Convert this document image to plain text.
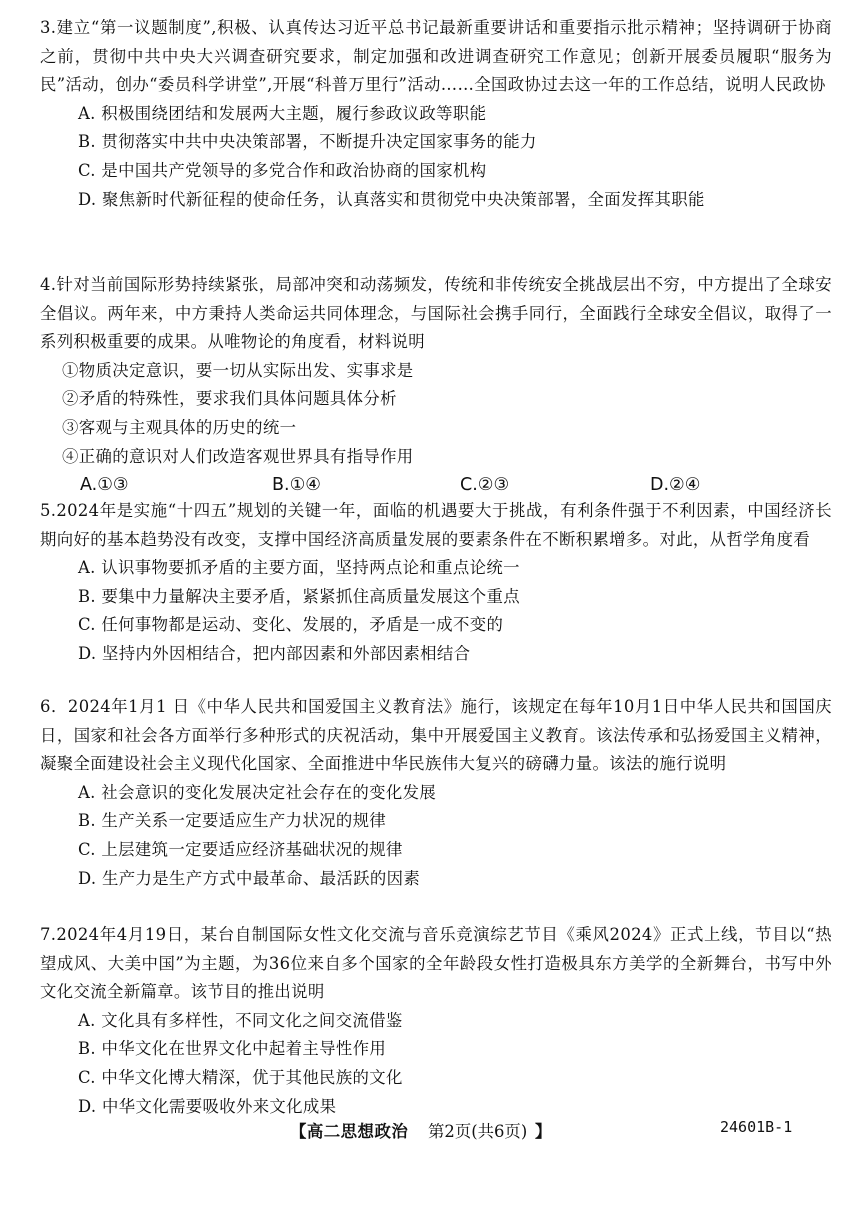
3.建立“第一议题制度”,积极、认真传达习近平总书记最新重要讲话和重要指示批示精神；坚持调研于协商之前，贯彻中共中央大兴调查研究要求，制定加强和改进调查研究工作意见；创新开展委员履职“服务为民”活动，创办“委员科学讲堂”,开展“科普万里行”活动……全国政协过去这一年的工作总结，说明人民政协

A. 积极围绕团结和发展两大主题，履行参政议政等职能

B. 贯彻落实中共中央决策部署，不断提升决定国家事务的能力

C. 是中国共产党领导的多党合作和政治协商的国家机构

D. 聚焦新时代新征程的使命任务，认真落实和贯彻党中央决策部署，全面发挥其职能

4.针对当前国际形势持续紧张，局部冲突和动荡频发，传统和非传统安全挑战层出不穷，中方提出了全球安全倡议。两年来，中方秉持人类命运共同体理念，与国际社会携手同行，全面践行全球安全倡议，取得了一系列积极重要的成果。从唯物论的角度看，材料说明

①物质决定意识，要一切从实际出发、实事求是

②矛盾的特殊性，要求我们具体问题具体分析

③客观与主观具体的历史的统一

④正确的意识对人们改造客观世界具有指导作用

A.①③	B.①④	C.②③	D.②④

5.2024年是实施“十四五”规划的关键一年，面临的机遇要大于挑战，有利条件强于不利因素，中国经济长期向好的基本趋势没有改变，支撑中国经济高质量发展的要素条件在不断积累增多。对此，从哲学角度看

A. 认识事物要抓矛盾的主要方面，坚持两点论和重点论统一

B. 要集中力量解决主要矛盾，紧紧抓住高质量发展这个重点

C. 任何事物都是运动、变化、发展的，矛盾是一成不变的

D. 坚持内外因相结合，把内部因素和外部因素相结合

6．2024年1月1 日《中华人民共和国爱国主义教育法》施行，该规定在每年10月1日中华人民共和国国庆日，国家和社会各方面举行多种形式的庆祝活动，集中开展爱国主义教育。该法传承和弘扬爱国主义精神，凝聚全面建设社会主义现代化国家、全面推进中华民族伟大复兴的磅礴力量。该法的施行说明

A. 社会意识的变化发展决定社会存在的变化发展

B. 生产关系一定要适应生产力状况的规律

C. 上层建筑一定要适应经济基础状况的规律

D. 生产力是生产方式中最革命、最活跃的因素

7.2024年4月19日，某台自制国际女性文化交流与音乐竞演综艺节目《乘风2024》正式上线，节目以“热望成风、大美中国”为主题，为36位来自多个国家的全年龄段女性打造极具东方美学的全新舞台，书写中外文化交流全新篇章。该节目的推出说明

A. 文化具有多样性，不同文化之间交流借鉴

B. 中华文化在世界文化中起着主导性作用

C. 中华文化博大精深，优于其他民族的文化

D. 中华文化需要吸收外来文化成果

【高二思想政治 第2页(共6页) 】	24601B-1
